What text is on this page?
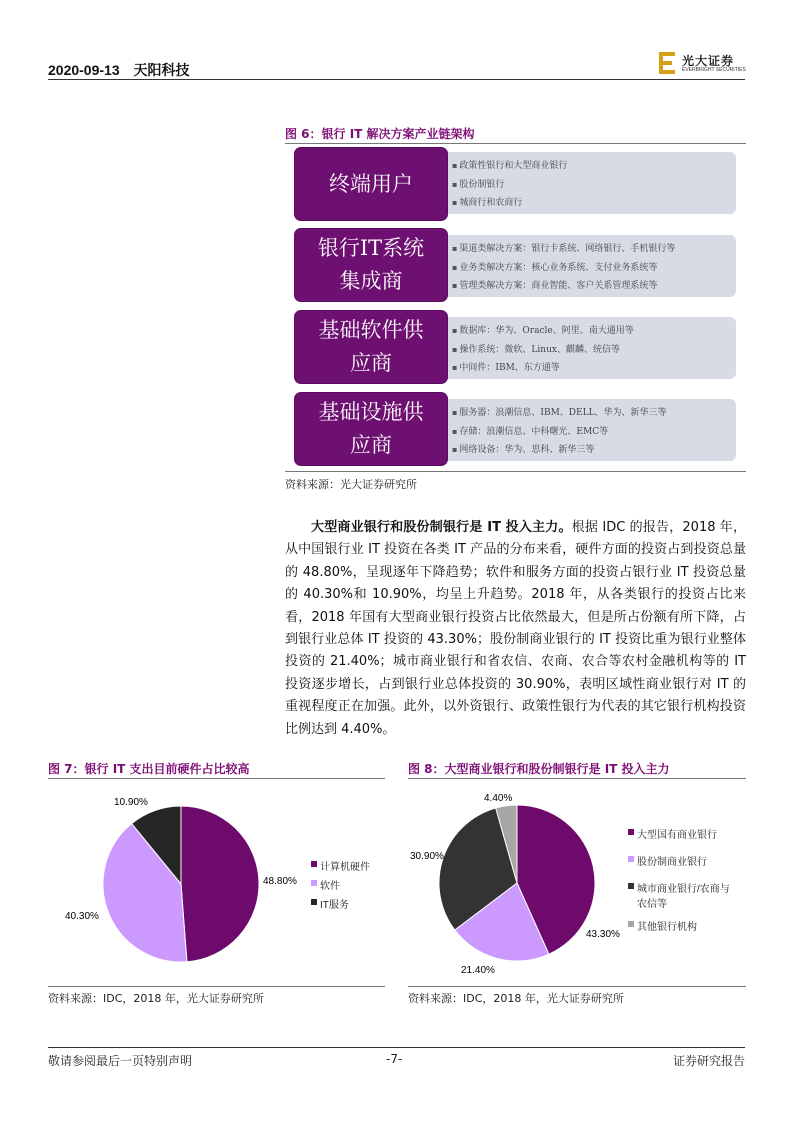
2020-09-13 天阳科技
光大证券
EVERBRIGHT SECURITIES
图 6：银行 IT 解决方案产业链架构
▪ 政策性银行和大型商业银行
▪ 股份制银行
▪ 城商行和农商行
终端用户
▪ 渠道类解决方案：银行卡系统、网络银行、手机银行等
▪ 业务类解决方案：核心业务系统、支付业务系统等
▪ 管理类解决方案：商业智能、客户关系管理系统等
银行IT系统
集成商
▪ 数据库：华为、Oracle、阿里、南大通用等
▪ 操作系统：微软、Linux、麒麟、统信等
▪ 中间件：IBM、东方通等
基础软件供
应商
▪ 服务器：浪潮信息、IBM、DELL、华为、新华三等
▪ 存储：浪潮信息、中科曙光、EMC等
▪ 网络设备：华为、思科、新华三等
基础设施供
应商
资料来源：光大证券研究所
大型商业银行和股份制银行是 IT 投入主力。根据 IDC 的报告，2018 年，从中国银行业 IT 投资在各类 IT 产品的分布来看，硬件方面的投资占到投资总量的 48.80%，呈现逐年下降趋势；软件和服务方面的投资占银行业 IT 投资总量的 40.30%和 10.90%，均呈上升趋势。2018 年，从各类银行的投资占比来看，2018 年国有大型商业银行投资占比依然最大，但是所占份额有所下降，占到银行业总体 IT 投资的 43.30%；股份制商业银行的 IT 投资比重为银行业整体投资的 21.40%；城市商业银行和省农信、农商、农合等农村金融机构等的 IT 投资逐步增长，占到银行业总体投资的 30.90%，表明区域性商业银行对 IT 的重视程度正在加强。此外，以外资银行、政策性银行为代表的其它银行机构投资比例达到 4.40%。
图 7：银行 IT 支出目前硬件占比较高
48.80%
40.30%
10.90%
计算机硬件
软件
IT服务
资料来源：IDC，2018 年，光大证券研究所
图 8：大型商业银行和股份制银行是 IT 投入主力
43.30%
21.40%
30.90%
4.40%
大型国有商业银行
股份制商业银行
城市商业银行/农商与
农信等
其他银行机构
资料来源：IDC，2018 年，光大证券研究所
敬请参阅最后一页特别声明	-7-	证券研究报告
